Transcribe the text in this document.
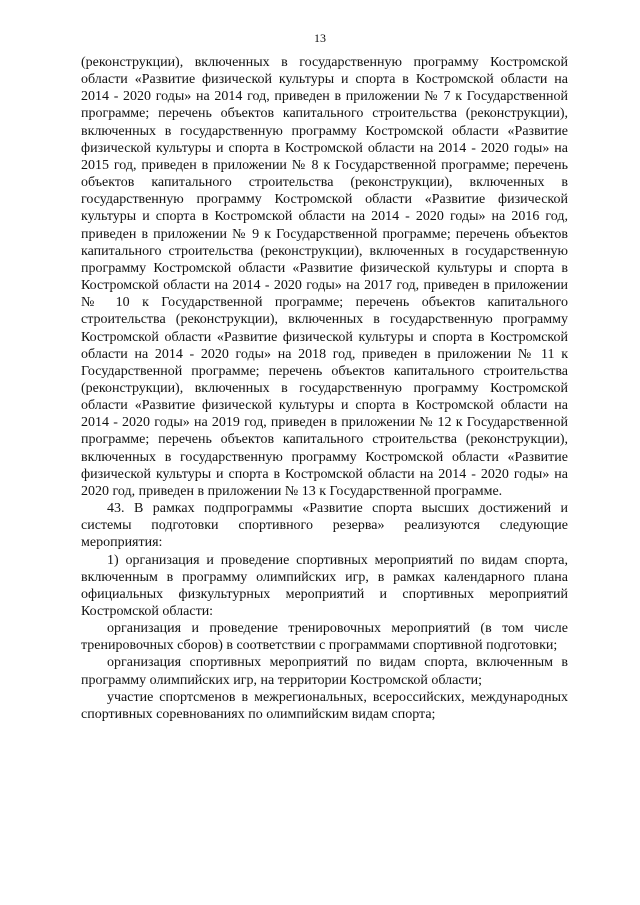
13

(реконструкции), включенных в государственную программу Костромской области «Развитие физической культуры и спорта в Костромской области на 2014 - 2020 годы» на 2014 год, приведен в приложении № 7 к Государственной программе; перечень объектов капитального строительства (реконструкции), включенных в государственную программу Костромской области «Развитие физической культуры и спорта в Костромской области на 2014 - 2020 годы» на 2015 год, приведен в приложении № 8 к Государственной программе; перечень объектов капитального строительства (реконструкции), включенных в государственную программу Костромской области «Развитие физической культуры и спорта в Костромской области на 2014 - 2020 годы» на 2016 год, приведен в приложении № 9 к Государственной программе; перечень объектов капитального строительства (реконструкции), включенных в государственную программу Костромской области «Развитие физической культуры и спорта в Костромской области на 2014 - 2020 годы» на 2017 год, приведен в приложении № 10 к Государственной программе; перечень объектов капитального строительства (реконструкции), включенных в государственную программу Костромской области «Развитие физической культуры и спорта в Костромской области на 2014 - 2020 годы» на 2018 год, приведен в приложении № 11 к Государственной программе; перечень объектов капитального строительства (реконструкции), включенных в государственную программу Костромской области «Развитие физической культуры и спорта в Костромской области на 2014 - 2020 годы» на 2019 год, приведен в приложении № 12 к Государственной программе; перечень объектов капитального строительства (реконструкции), включенных в государственную программу Костромской области «Развитие физической культуры и спорта в Костромской области на 2014 - 2020 годы» на 2020 год, приведен в приложении № 13 к Государственной программе.

43. В рамках подпрограммы «Развитие спорта высших достижений и системы подготовки спортивного резерва» реализуются следующие мероприятия:

1) организация и проведение спортивных мероприятий по видам спорта, включенным в программу олимпийских игр, в рамках календарного плана официальных физкультурных мероприятий и спортивных мероприятий Костромской области:

организация и проведение тренировочных мероприятий (в том числе тренировочных сборов) в соответствии с программами спортивной подготовки;

организация спортивных мероприятий по видам спорта, включенным в программу олимпийских игр, на территории Костромской области;

участие спортсменов в межрегиональных, всероссийских, международных спортивных соревнованиях по олимпийским видам спорта;
